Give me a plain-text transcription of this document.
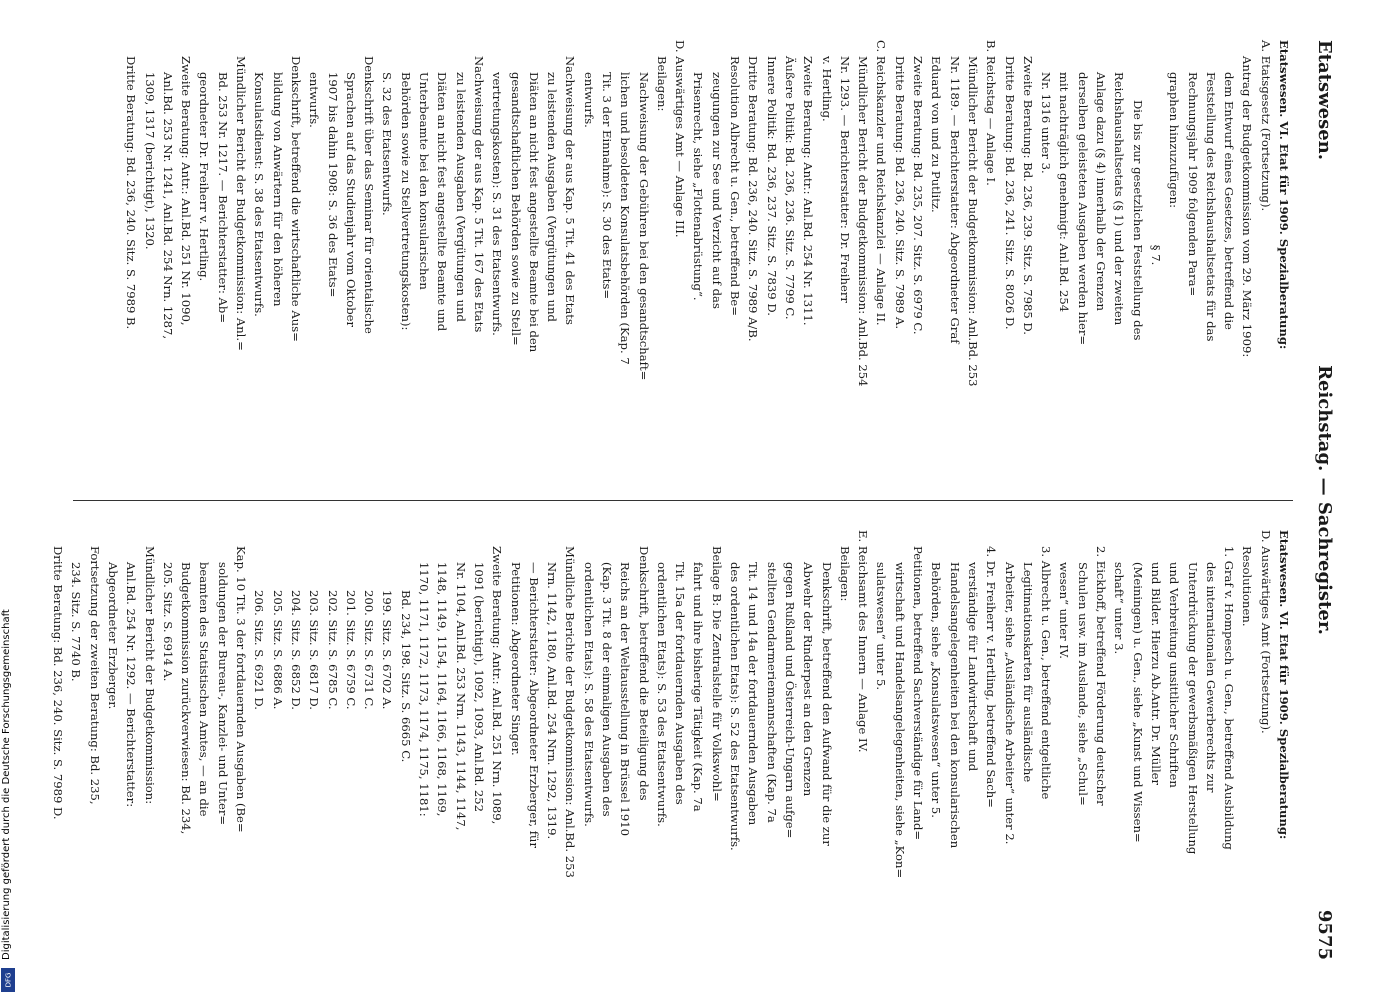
Etatswesen.
Reichstag. — Sachregister.
9575
Etatswesen. VI. Etat für 1909. Spezialberatung:
A. Etatsgesetz (Fortsetzung).
Antrag der Budgetkommission vom 29. März 1909:
dem Entwurf eines Gesetzes, betreffend die
Feststellung des Reichshaushaltsetats für das
Rechnungsjahr 1909 folgenden Para=
graphen hinzuzufügen:
§ 7.
Die bis zur gesetzlichen Feststellung des
Reichshaushaltsetats (§ 1) und der zweiten
Anlage dazu (§ 4) innerhalb der Grenzen
derselben geleisteten Ausgaben werden hier=
mit nachträglich genehmigt: Anl.Bd. 254
Nr. 1316 unter 3.
Zweite Beratung: Bd. 236, 239. Sitz. S. 7985 D.
Dritte Beratung: Bd. 236, 241. Sitz. S. 8026 D.
B. Reichstag — Anlage I.
Mündlicher Bericht der Budgetkommission: Anl.Bd. 253
Nr. 1189. — Berichterstatter: Abgeordneter Graf
Eduard von und zu Putlitz.
Zweite Beratung: Bd. 235, 207. Sitz. S. 6979 C.
Dritte Beratung: Bd. 236, 240. Sitz. S. 7989 A.
C. Reichskanzler und Reichskanzlei — Anlage II.
Mündlicher Bericht der Budgetkommission: Anl.Bd. 254
Nr. 1293. — Berichterstatter: Dr. Freiherr
v. Hertling.
Zweite Beratung: Antr.: Anl.Bd. 254 Nr. 1311.
Äußere Politik: Bd. 236, 236. Sitz. S. 7799 C.
Innere Politik: Bd. 236, 237. Sitz. S. 7839 D.
Dritte Beratung: Bd. 236, 240. Sitz. S. 7989 A/B.
Resolution Albrecht u. Gen., betreffend Be=
zeugungen zur See und Verzicht auf das
Prisenrecht, siehe „Flottenabrüstung“.
D. Auswärtiges Amt — Anlage III.
Beilagen:
Nachweisung der Gebühren bei den gesandtschaft=
lichen und besoldeten Konsulatsbehörden (Kap. 7
Tit. 3 der Einnahme): S. 30 des Etats=
entwurfs.
Nachweisung der aus Kap. 5 Tit. 41 des Etats
zu leistenden Ausgaben (Vergütungen und
Diäten an nicht fest angestellte Beamte bei den
gesandtschaftlichen Behörden sowie zu Stell=
vertretungskosten): S. 31 des Etatsentwurfs.
Nachweisung der aus Kap. 5 Tit. 167 des Etats
zu leistenden Ausgaben (Vergütungen und
Diäten an nicht fest angestellte Beamte und
Unterbeamte bei den konsularischen
Behörden sowie zu Stellvertretungskosten):
S. 32 des Etatsentwurfs.
Denkschrift über das Seminar für orientalische
Sprachen auf das Studienjahr vom Oktober
1907 bis dahin 1908: S. 36 des Etats=
entwurfs.
Denkschrift, betreffend die wirtschaftliche Aus=
bildung von Anwärtern für den höheren
Konsulatsdienst: S. 38 des Etatsentwurfs.
Mündlicher Bericht der Budgetkommission: Anl.=
Bd. 253 Nr. 1217. — Berichterstatter: Ab=
geordneter Dr. Freiherr v. Hertling.
Zweite Beratung: Antr.: Anl.Bd. 251 Nr. 1090,
Anl.Bd. 253 Nr. 1241, Anl.Bd. 254 Nrn. 1287,
1309, 1317 (berichtigt), 1320.
Dritte Beratung: Bd. 236, 240. Sitz. S. 7989 B.
Etatswesen. VI. Etat für 1909. Spezialberatung:
D. Auswärtiges Amt (Fortsetzung).
Resolutionen.
1. Graf v. Hompesch u. Gen., betreffend Ausbildung
des internationalen Gewerberechts zur
Unterdrückung der gewerbsmäßigen Herstellung
und Verbreitung unsittlicher Schriften
und Bilder. Hierzu Ab.Antr. Dr. Müller
(Meiningen) u. Gen., siehe „Kunst und Wissen=
schaft“ unter 3.
2. Eickhoff, betreffend Förderung deutscher
Schulen usw. im Auslande, siehe „Schul=
wesen“ unter IV.
3. Albrecht u. Gen., betreffend entgeltliche
Legitimationskarten für ausländische
Arbeiter, siehe „Ausländische Arbeiter“ unter 2.
4. Dr. Freiherr v. Hertling, betreffend Sach=
verständige für Landwirtschaft und
Handelsangelegenheiten bei den konsularischen
Behörden, siehe „Konsulatswesen“ unter 5.
Petitionen, betreffend Sachverständige für Land=
wirtschaft und Handelsangelegenheiten, siehe „Kon=
sulatswesen“ unter 5.
E. Reichsamt des Innern — Anlage IV.
Beilagen:
Denkschrift, betreffend den Aufwand für die zur
Abwehr der Rinderpest an den Grenzen
gegen Rußland und Österreich-Ungarn aufge=
stellten Gendarmeriemannschaften (Kap. 7a
Tit. 14 und 14a der fortdauernden Ausgaben
des ordentlichen Etats): S. 52 des Etatsentwurfs.
Beilage B: Die Zentralstelle für Volkswohl=
fahrt und ihre bisherige Tätigkeit (Kap. 7a
Tit. 15a der fortdauernden Ausgaben des
ordentlichen Etats): S. 53 des Etatsentwurfs.
Denkschrift, betreffend die Beteiligung des
Reichs an der Weltausstellung in Brüssel 1910
(Kap. 3 Tit. 8 der einmaligen Ausgaben des
ordentlichen Etats): S. 58 des Etatsentwurfs.
Mündliche Berichte der Budgetkommission: Anl.Bd. 253
Nrn. 1142, 1180, Anl.Bd. 254 Nrn. 1292, 1319.
— Berichterstatter: Abgeordneter Erzberger, für
Petitionen: Abgeordneter Singer.
Zweite Beratung: Antr.: Anl.Bd. 251 Nrn. 1089,
1091 (berichtigt), 1092, 1093, Anl.Bd. 252
Nr. 1104, Anl.Bd. 253 Nrn. 1143, 1144, 1147,
1148, 1149, 1154, 1164, 1166, 1168, 1169,
1170, 1171, 1172, 1173, 1174, 1175, 1181:
Bd. 234, 198. Sitz. S. 6665 C.
199. Sitz. S. 6702 A.
200. Sitz. S. 6731 C.
201. Sitz. S. 6759 C.
202. Sitz. S. 6785 C.
203. Sitz. S. 6817 D.
204. Sitz. S. 6852 D.
205. Sitz. S. 6886 A.
206. Sitz. S. 6921 D.
Kap. 10 Tit. 3 der fortdauernden Ausgaben (Be=
soldungen der Bureau-, Kanzlei- und Unter=
beamten des Statistischen Amtes, — an die
Budgetkommission zurückverwiesen: Bd. 234,
205. Sitz. S. 6914 A.
Mündlicher Bericht der Budgetkommission:
Anl.Bd. 254 Nr. 1292. — Berichterstatter:
Abgeordneter Erzberger.
Fortsetzung der zweiten Beratung: Bd. 235,
234. Sitz. S. 7740 B.
Dritte Beratung: Bd. 236, 240. Sitz. S. 7989 D.
Digitalisierung gefördert durch die Deutsche Forschungsgemeinschaft
DFG
